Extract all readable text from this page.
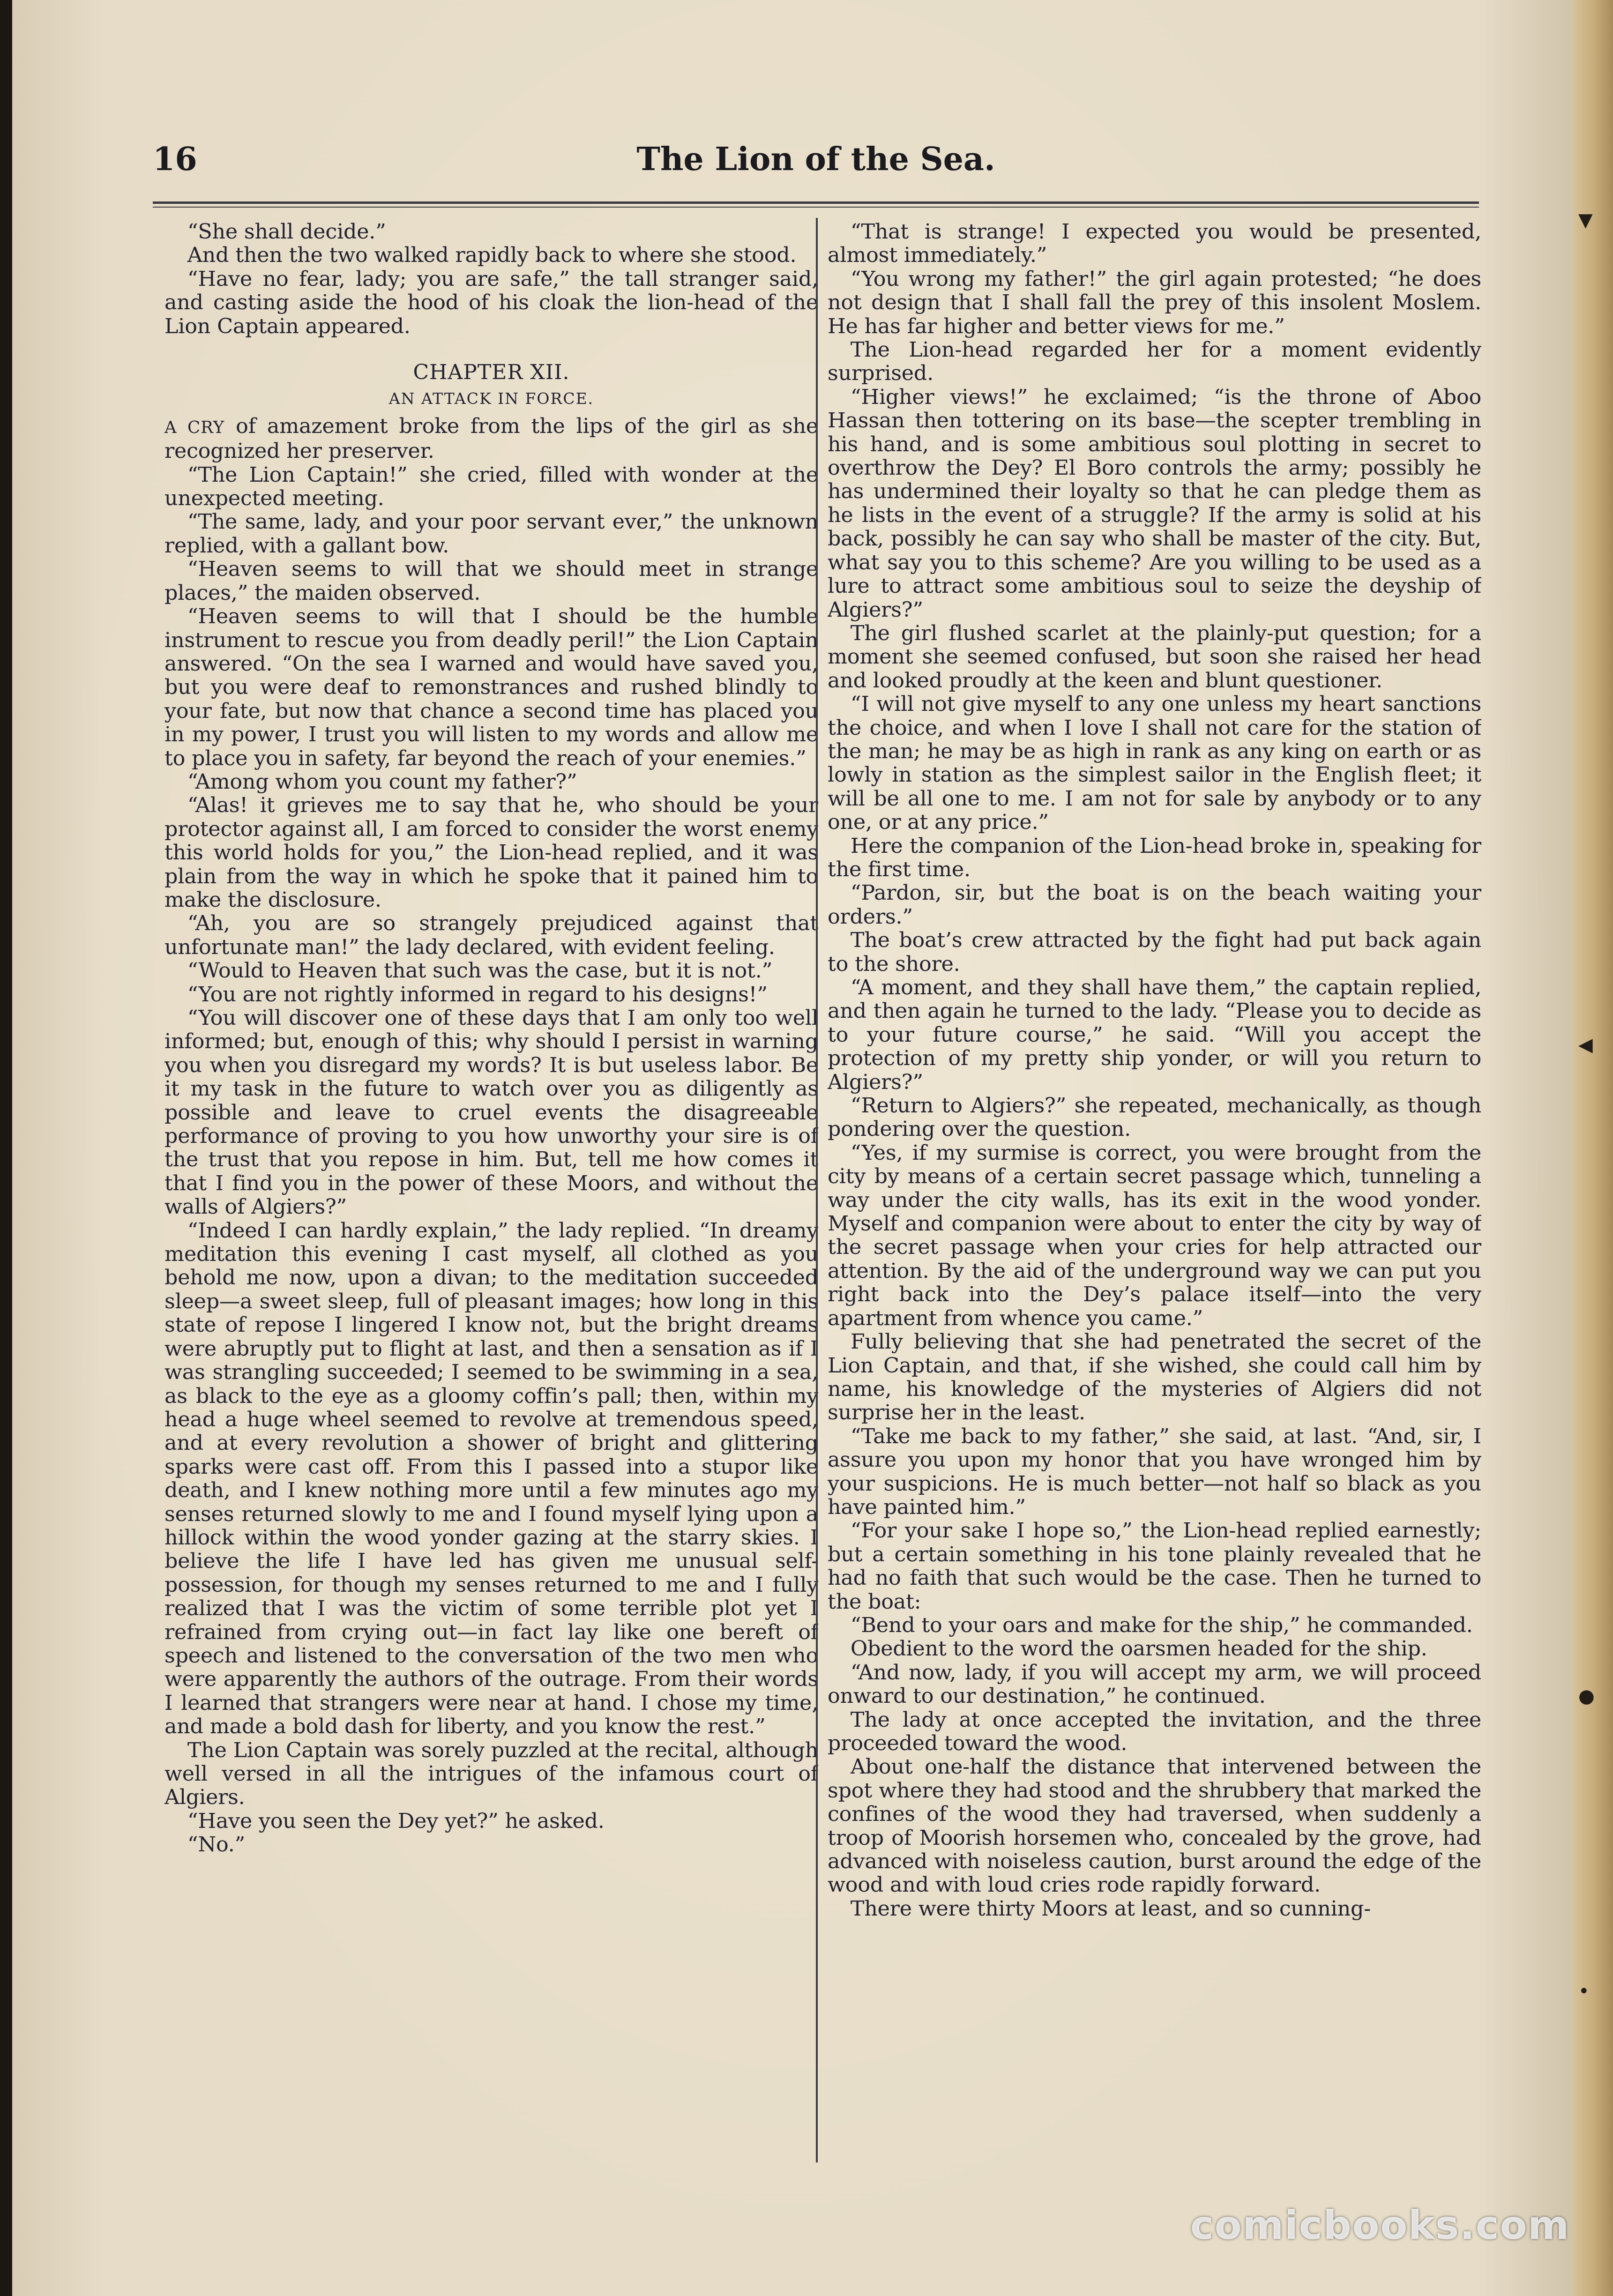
The Lion of the Sea.
16

“She shall decide.”

And then the two walked rapidly back to where she stood.

“Have no fear, lady; you are safe,” the tall stranger said, and casting aside the hood of his cloak the lion-head of the Lion Captain appeared.

CHAPTER XII.
AN ATTACK IN FORCE.

A CRY of amazement broke from the lips of the girl as she recognized her preserver.

“The Lion Captain!” she cried, filled with wonder at the unexpected meeting.

“The same, lady, and your poor servant ever,” the unknown replied, with a gallant bow.

“Heaven seems to will that we should meet in strange places,” the maiden observed.

“Heaven seems to will that I should be the humble instrument to rescue you from deadly peril!” the Lion Captain answered. “On the sea I warned and would have saved you, but you were deaf to remonstrances and rushed blindly to your fate, but now that chance a second time has placed you in my power, I trust you will listen to my words and allow me to place you in safety, far beyond the reach of your enemies.”

“Among whom you count my father?”

“Alas! it grieves me to say that he, who should be your protector against all, I am forced to consider the worst enemy this world holds for you,” the Lion-head replied, and it was plain from the way in which he spoke that it pained him to make the disclosure.

“Ah, you are so strangely prejudiced against that unfortunate man!” the lady declared, with evident feeling.

“Would to Heaven that such was the case, but it is not.”

“You are not rightly informed in regard to his designs!”

“You will discover one of these days that I am only too well informed; but, enough of this; why should I persist in warning you when you disregard my words? It is but useless labor. Be it my task in the future to watch over you as diligently as possible and leave to cruel events the disagreeable performance of proving to you how unworthy your sire is of the trust that you repose in him. But, tell me how comes it that I find you in the power of these Moors, and without the walls of Algiers?”

“Indeed I can hardly explain,” the lady replied. “In dreamy meditation this evening I cast myself, all clothed as you behold me now, upon a divan; to the meditation succeeded sleep—a sweet sleep, full of pleasant images; how long in this state of repose I lingered I know not, but the bright dreams were abruptly put to flight at last, and then a sensation as if I was strangling succeeded; I seemed to be swimming in a sea, as black to the eye as a gloomy coffin’s pall; then, within my head a huge wheel seemed to revolve at tremendous speed, and at every revolution a shower of bright and glittering sparks were cast off. From this I passed into a stupor like death, and I knew nothing more until a few minutes ago my senses returned slowly to me and I found myself lying upon a hillock within the wood yonder gazing at the starry skies. I believe the life I have led has given me unusual self-possession, for though my senses returned to me and I fully realized that I was the victim of some terrible plot yet I refrained from crying out—in fact lay like one bereft of speech and listened to the conversation of the two men who were apparently the authors of the outrage. From their words I learned that strangers were near at hand. I chose my time, and made a bold dash for liberty, and you know the rest.”

The Lion Captain was sorely puzzled at the recital, although well versed in all the intrigues of the infamous court of Algiers.

“Have you seen the Dey yet?” he asked.

“No.”

“That is strange! I expected you would be presented, almost immediately.”

“You wrong my father!” the girl again protested; “he does not design that I shall fall the prey of this insolent Moslem. He has far higher and better views for me.”

The Lion-head regarded her for a moment evidently surprised.

“Higher views!” he exclaimed; “is the throne of Aboo Hassan then tottering on its base—the scepter trembling in his hand, and is some ambitious soul plotting in secret to overthrow the Dey? El Boro controls the army; possibly he has undermined their loyalty so that he can pledge them as he lists in the event of a struggle? If the army is solid at his back, possibly he can say who shall be master of the city. But, what say you to this scheme? Are you willing to be used as a lure to attract some ambitious soul to seize the deyship of Algiers?”

The girl flushed scarlet at the plainly-put question; for a moment she seemed confused, but soon she raised her head and looked proudly at the keen and blunt questioner.

“I will not give myself to any one unless my heart sanctions the choice, and when I love I shall not care for the station of the man; he may be as high in rank as any king on earth or as lowly in station as the simplest sailor in the English fleet; it will be all one to me. I am not for sale by anybody or to any one, or at any price.”

Here the companion of the Lion-head broke in, speaking for the first time.

“Pardon, sir, but the boat is on the beach waiting your orders.”

The boat’s crew attracted by the fight had put back again to the shore.

“A moment, and they shall have them,” the captain replied, and then again he turned to the lady. “Please you to decide as to your future course,” he said. “Will you accept the protection of my pretty ship yonder, or will you return to Algiers?”

“Return to Algiers?” she repeated, mechanically, as though pondering over the question.

“Yes, if my surmise is correct, you were brought from the city by means of a certain secret passage which, tunneling a way under the city walls, has its exit in the wood yonder. Myself and companion were about to enter the city by way of the secret passage when your cries for help attracted our attention. By the aid of the underground way we can put you right back into the Dey’s palace itself—into the very apartment from whence you came.”

Fully believing that she had penetrated the secret of the Lion Captain, and that, if she wished, she could call him by name, his knowledge of the mysteries of Algiers did not surprise her in the least.

“Take me back to my father,” she said, at last. “And, sir, I assure you upon my honor that you have wronged him by your suspicions. He is much better—not half so black as you have painted him.”

“For your sake I hope so,” the Lion-head replied earnestly; but a certain something in his tone plainly revealed that he had no faith that such would be the case. Then he turned to the boat:

“Bend to your oars and make for the ship,” he commanded.

Obedient to the word the oarsmen headed for the ship.

“And now, lady, if you will accept my arm, we will proceed onward to our destination,” he continued.

The lady at once accepted the invitation, and the three proceeded toward the wood.

About one-half the distance that intervened between the spot where they had stood and the shrubbery that marked the confines of the wood they had traversed, when suddenly a troop of Moorish horsemen who, concealed by the grove, had advanced with noiseless caution, burst around the edge of the wood and with loud cries rode rapidly forward.

There were thirty Moors at least, and so cunning-

▼
◀
●
•
comicbooks.com
